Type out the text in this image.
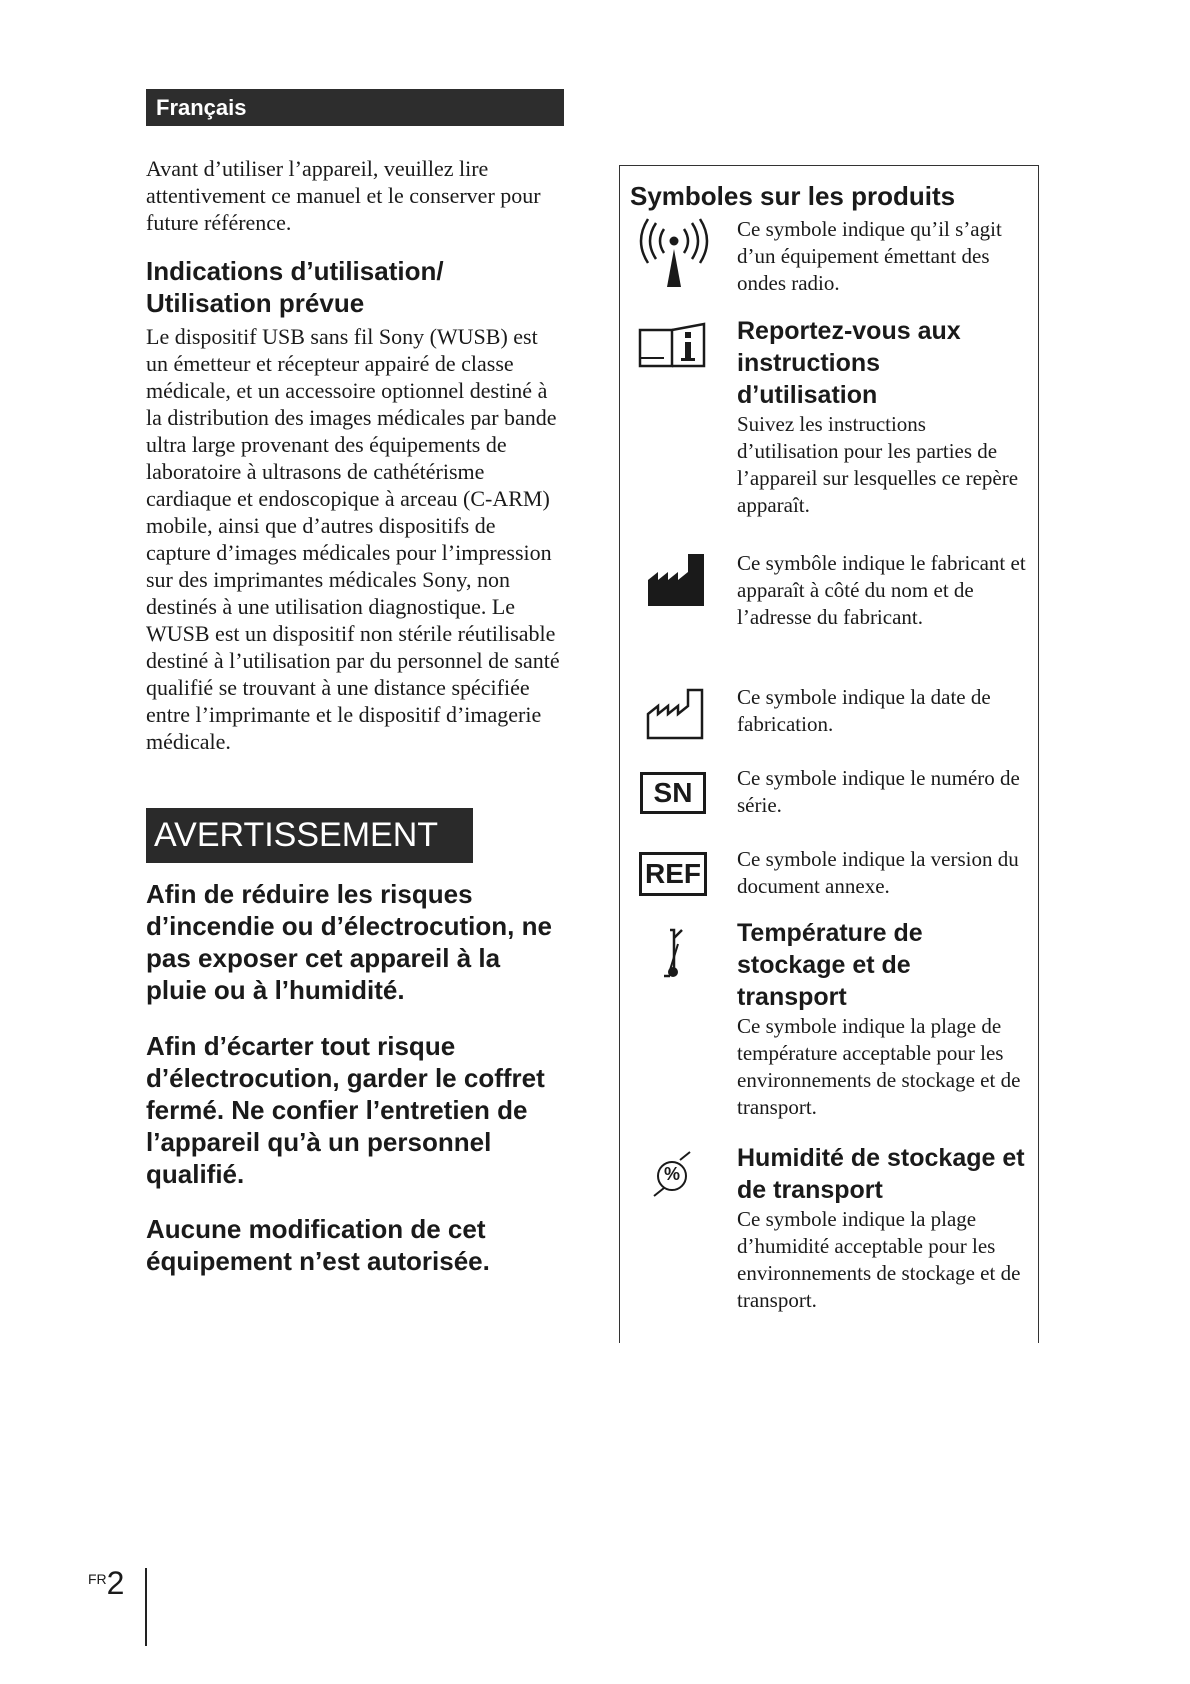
Français
Avant d’utiliser l’appareil, veuillez lire attentivement ce manuel et le conserver pour future référence.
Indications d’utilisation/ Utilisation prévue
Le dispositif USB sans fil Sony (WUSB) est un émetteur et récepteur appairé de classe médicale, et un accessoire optionnel destiné à la distribution des images médicales par bande ultra large provenant des équipements de laboratoire à ultrasons de cathétérisme cardiaque et endoscopique à arceau (C-ARM) mobile, ainsi que d’autres dispositifs de capture d’images médicales pour l’impression sur des imprimantes médicales Sony, non destinés à une utilisation diagnostique. Le WUSB est un dispositif non stérile réutilisable destiné à l’utilisation par du personnel de santé qualifié se trouvant à une distance spécifiée entre l’imprimante et le dispositif d’imagerie médicale.
AVERTISSEMENT
Afin de réduire les risques d’incendie ou d’électrocution, ne pas exposer cet appareil à la pluie ou à l’humidité.
Afin d’écarter tout risque d’électrocution, garder le coffret fermé. Ne confier l’entretien de l’appareil qu’à un personnel qualifié.
Aucune modification de cet équipement n’est autorisée.
Symboles sur les produits
Ce symbole indique qu’il s’agit d’un équipement émettant des ondes radio.
Reportez-vous aux instructions d’utilisation
Suivez les instructions d’utilisation pour les parties de l’appareil sur lesquelles ce repère apparaît.
Ce symbôle indique le fabricant et apparaît à côté du nom et de l’adresse du fabricant.
Ce symbole indique la date de fabrication.
SN	Ce symbole indique le numéro de série.
REF Ce symbole indique la version du document annexe.
Température de stockage et de transport
Ce symbole indique la plage de température acceptable pour les environnements de stockage et de transport.
%
Humidité de stockage et de transport
Ce symbole indique la plage d’humidité acceptable pour les environnements de stockage et de transport.
FR2
